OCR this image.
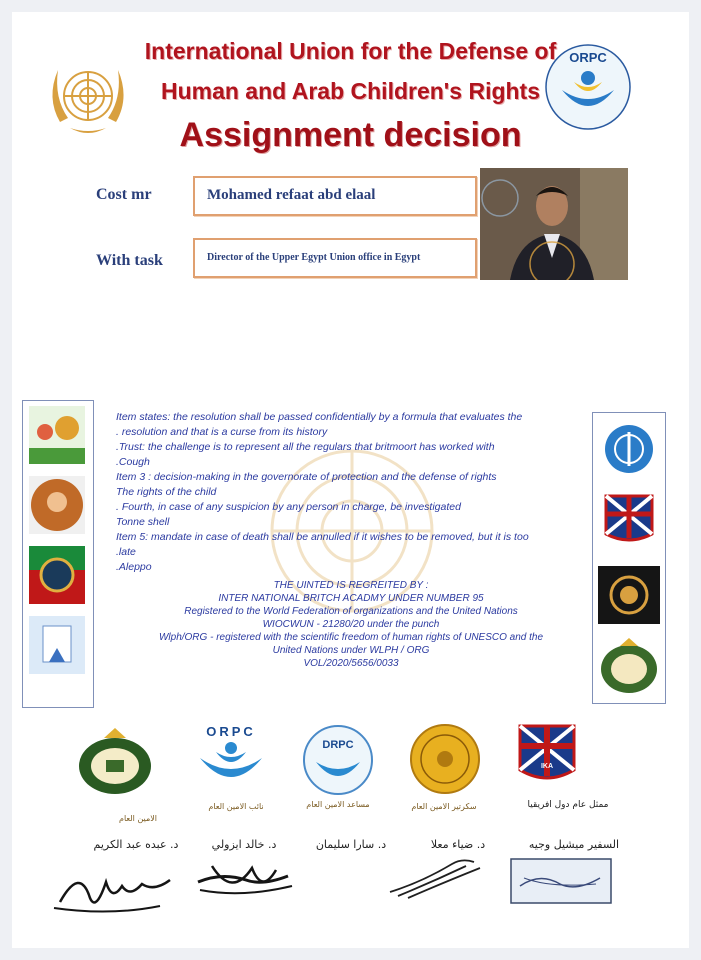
ORPC
International Union for the Defense of
Human and Arab Children's Rights
Assignment decision
Cost mr	Mohamed refaat abd elaal
With task	Director of the Upper Egypt Union office in Egypt
Item states: the resolution shall be passed confidentially by a formula that evaluates the
. resolution and that is a curse from its history
.Trust: the challenge is to represent all the regulars that britmoort has worked with
.Cough
Item 3 : decision-making in the governorate of protection and the defense of rights
The rights of the child
. Fourth, in case of any suspicion by any person in charge, be investigated
Tonne shell
Item 5: mandate in case of death shall be annulled if it wishes to be removed, but it is too
.late
.Aleppo
THE UINTED IS REGREITED BY :
INTER NATIONAL BRITCH ACADMY UNDER NUMBER 95
Registered to the World Federation of organizations and the United Nations
WIOCWUN - 21280/20 under the punch
Wlph/ORG - registered with the scientific freedom of human rights of UNESCO and the
United Nations under WLPH / ORG
VOL/2020/5656/0033
ORPC
DRPC
IKA
الامين العام
نائب الامين العام	مساعد الامين العام	سكرتير الامين العام	ممثل عام دول افريقيا
د. عبده عبد الكريم	د. خالد ايزولي	د. سارا سليمان	د. ضياء معلا	السفير ميشيل وجيه
